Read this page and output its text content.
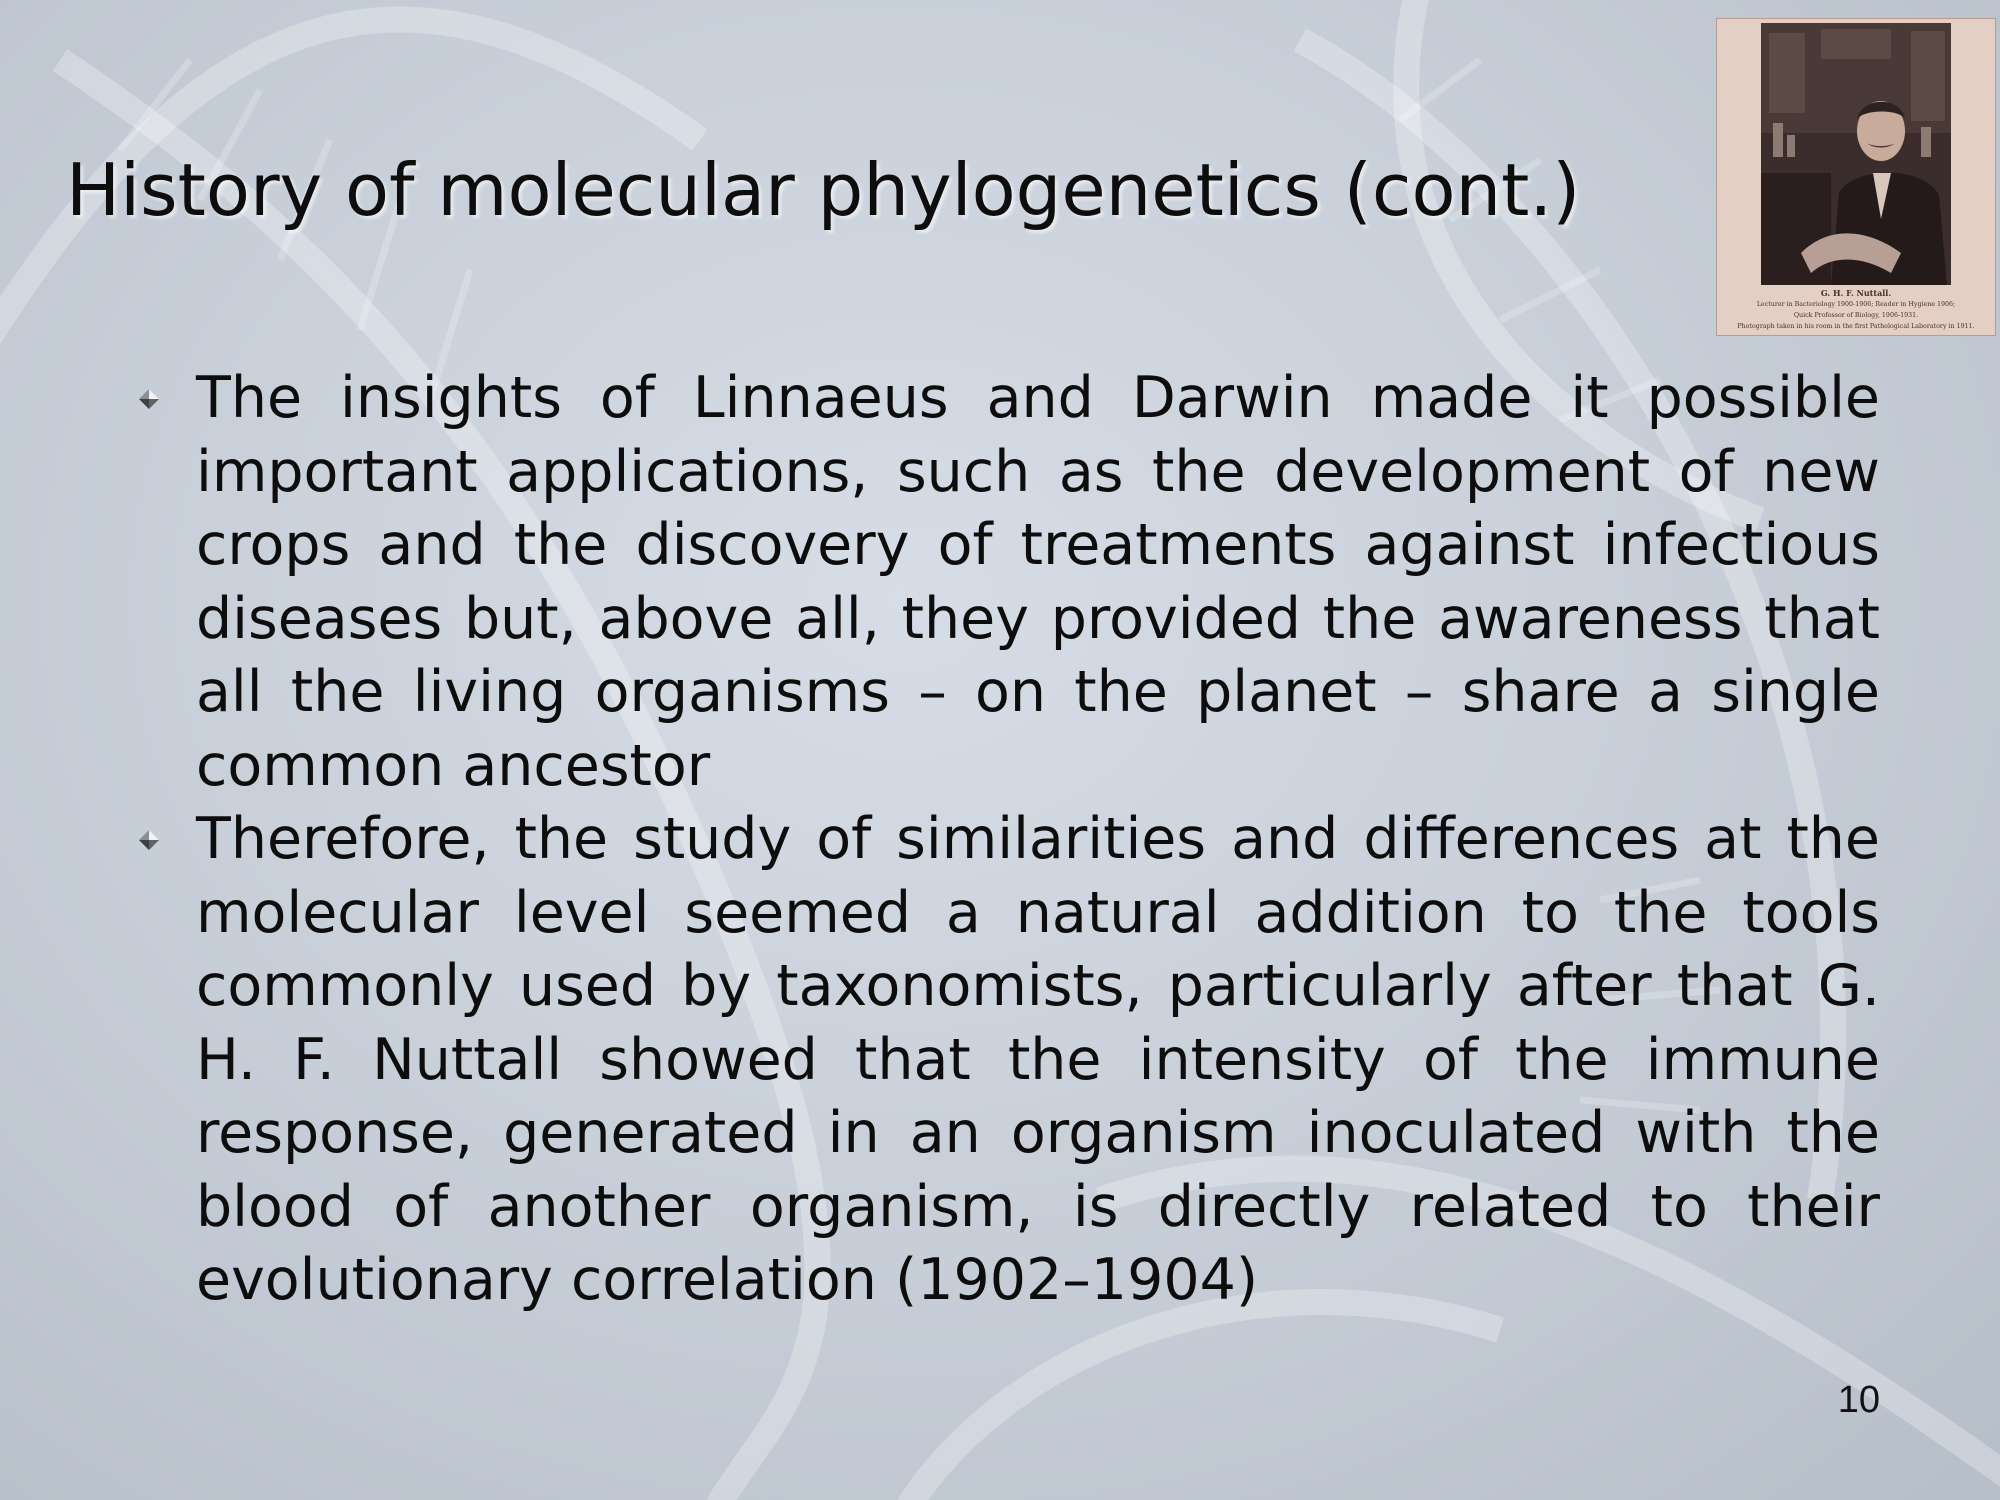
History of molecular phylogenetics (cont.)
G. H. F. Nuttall.
Lecturer in Bacteriology 1900-1906; Reader in Hygiene 1906;
Quick Professor of Biology, 1906-1931.
Photograph taken in his room in the first Pathological Laboratory in 1911.
The insights of Linnaeus and Darwin made it possible important applications, such as the development of new crops and the discovery of treatments against infectious diseases but, above all, they provided the awareness that all the living organisms – on the planet – share a single common ancestor
Therefore, the study of similarities and differences at the molecular level seemed a natural addition to the tools commonly used by taxonomists, particularly after that G. H. F. Nuttall showed that the intensity of the immune response, generated in an organism inoculated with the blood of another organism, is directly related to their evolutionary correlation (1902–1904)
10
